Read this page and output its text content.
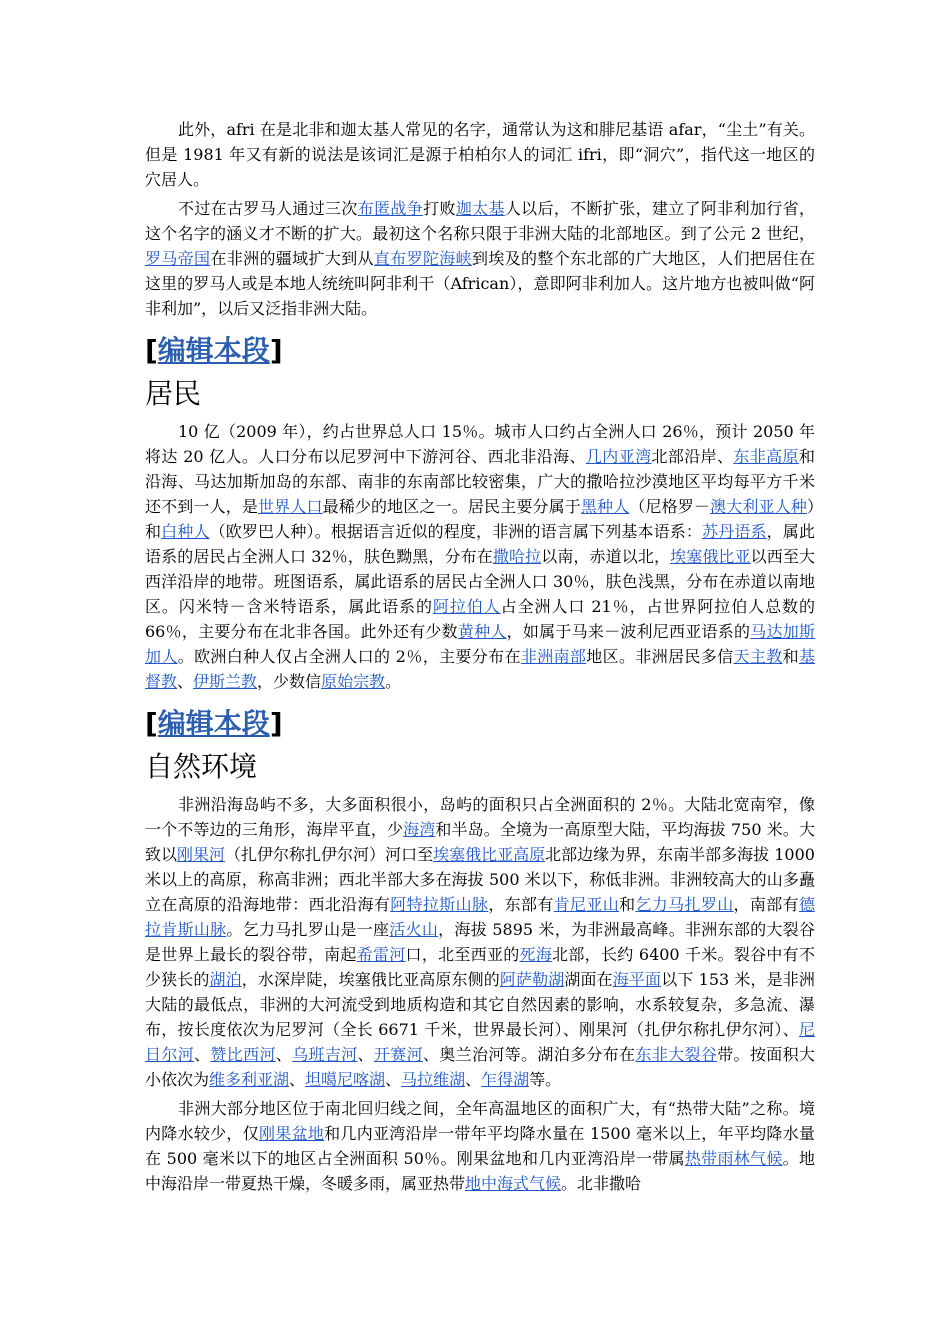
此外，afri 在是北非和迦太基人常见的名字，通常认为这和腓尼基语 afar，“尘土”有关。但是 1981 年又有新的说法是该词汇是源于柏柏尔人的词汇 ifri，即“洞穴”，指代这一地区的穴居人。

不过在古罗马人通过三次布匿战争打败迦太基人以后，不断扩张，建立了阿非利加行省，这个名字的涵义才不断的扩大。最初这个名称只限于非洲大陆的北部地区。到了公元 2 世纪，罗马帝国在非洲的疆域扩大到从直布罗陀海峡到埃及的整个东北部的广大地区，人们把居住在这里的罗马人或是本地人统统叫阿非利干（African），意即阿非利加人。这片地方也被叫做“阿非利加”，以后又泛指非洲大陆。

[编辑本段]
居民

10 亿（2009 年），约占世界总人口 15％。城市人口约占全洲人口 26％，预计 2050 年将达 20 亿人。人口分布以尼罗河中下游河谷、西北非沿海、几内亚湾北部沿岸、东非高原和沿海、马达加斯加岛的东部、南非的东南部比较密集，广大的撒哈拉沙漠地区平均每平方千米还不到一人，是世界人口最稀少的地区之一。居民主要分属于黑种人（尼格罗－澳大利亚人种）和白种人（欧罗巴人种）。根据语言近似的程度，非洲的语言属下列基本语系：苏丹语系，属此语系的居民占全洲人口 32％，肤色黝黑，分布在撒哈拉以南，赤道以北，埃塞俄比亚以西至大西洋沿岸的地带。班图语系，属此语系的居民占全洲人口 30％，肤色浅黑，分布在赤道以南地区。闪米特－含米特语系，属此语系的阿拉伯人占全洲人口 21％，占世界阿拉伯人总数的 66％，主要分布在北非各国。此外还有少数黄种人，如属于马来－波利尼西亚语系的马达加斯加人。欧洲白种人仅占全洲人口的 2％，主要分布在非洲南部地区。非洲居民多信天主教和基督教、伊斯兰教，少数信原始宗教。

[编辑本段]
自然环境

非洲沿海岛屿不多，大多面积很小，岛屿的面积只占全洲面积的 2％。大陆北宽南窄，像一个不等边的三角形，海岸平直，少海湾和半岛。全境为一高原型大陆，平均海拔 750 米。大致以刚果河（扎伊尔称扎伊尔河）河口至埃塞俄比亚高原北部边缘为界，东南半部多海拔 1000 米以上的高原，称高非洲；西北半部大多在海拔 500 米以下，称低非洲。非洲较高大的山多矗立在高原的沿海地带：西北沿海有阿特拉斯山脉，东部有肯尼亚山和乞力马扎罗山，南部有德拉肯斯山脉。乞力马扎罗山是一座活火山，海拔 5895 米，为非洲最高峰。非洲东部的大裂谷是世界上最长的裂谷带，南起希雷河口，北至西亚的死海北部，长约 6400 千米。裂谷中有不少狭长的湖泊，水深岸陡，埃塞俄比亚高原东侧的阿萨勒湖湖面在海平面以下 153 米，是非洲大陆的最低点，非洲的大河流受到地质构造和其它自然因素的影响，水系较复杂，多急流、瀑布，按长度依次为尼罗河（全长 6671 千米，世界最长河）、刚果河（扎伊尔称扎伊尔河）、尼日尔河、赞比西河、乌班吉河、开赛河、奥兰治河等。湖泊多分布在东非大裂谷带。按面积大小依次为维多利亚湖、坦噶尼喀湖、马拉维湖、乍得湖等。

非洲大部分地区位于南北回归线之间，全年高温地区的面积广大，有“热带大陆”之称。境内降水较少，仅刚果盆地和几内亚湾沿岸一带年平均降水量在 1500 毫米以上，年平均降水量在 500 毫米以下的地区占全洲面积 50％。刚果盆地和几内亚湾沿岸一带属热带雨林气候。地中海沿岸一带夏热干燥，冬暖多雨，属亚热带地中海式气候。北非撒哈
